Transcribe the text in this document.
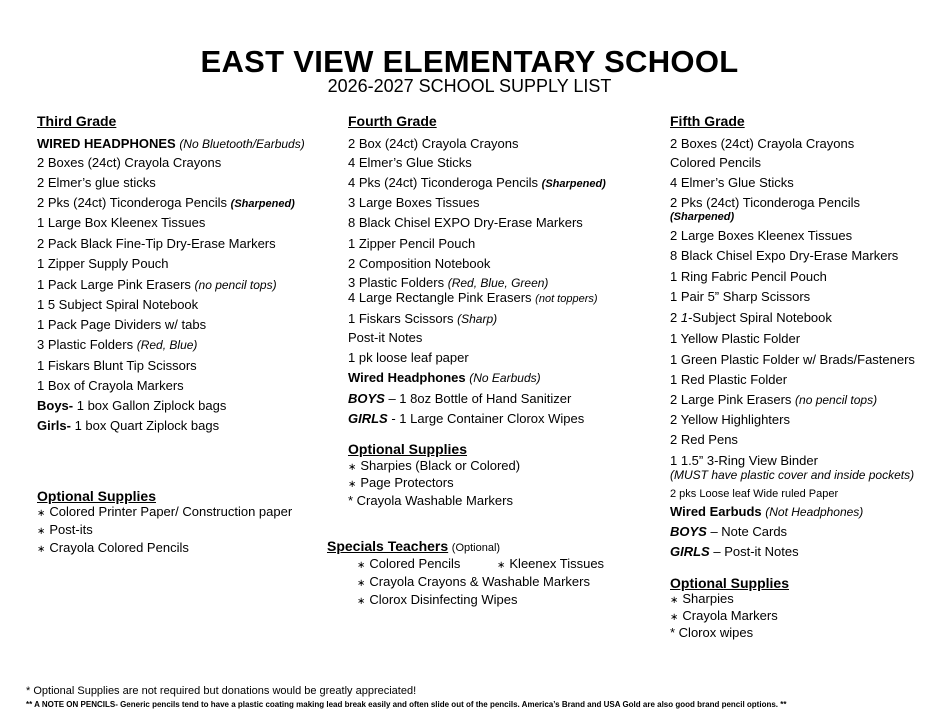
EAST VIEW ELEMENTARY SCHOOL
2026-2027 SCHOOL SUPPLY LIST
Third Grade
WIRED HEADPHONES (No Bluetooth/Earbuds)
2 Boxes (24ct) Crayola Crayons
2 Elmer’s glue sticks
2 Pks (24ct) Ticonderoga Pencils (Sharpened)
1 Large Box Kleenex Tissues
2 Pack Black Fine-Tip Dry-Erase Markers
1 Zipper Supply Pouch
1 Pack Large Pink Erasers (no pencil tops)
1 5 Subject Spiral Notebook
1 Pack Page Dividers w/ tabs
3 Plastic Folders (Red, Blue)
1 Fiskars Blunt Tip Scissors
1 Box of Crayola Markers
Boys- 1 box Gallon Ziplock bags
Girls- 1 box Quart Ziplock bags
Optional Supplies
∗ Colored Printer Paper/ Construction paper
∗ Post-its
∗ Crayola Colored Pencils
Fourth Grade
2 Box (24ct) Crayola Crayons
4 Elmer’s Glue Sticks
4 Pks (24ct) Ticonderoga Pencils (Sharpened)
3 Large Boxes Tissues
8 Black Chisel EXPO Dry-Erase Markers
1 Zipper Pencil Pouch
2 Composition Notebook
3 Plastic Folders (Red, Blue, Green)
4 Large Rectangle Pink Erasers (not toppers)
1 Fiskars Scissors (Sharp)
Post-it Notes
1 pk loose leaf paper
Wired Headphones (No Earbuds)
BOYS – 1 8oz Bottle of Hand Sanitizer
GIRLS - 1 Large Container Clorox Wipes
Optional Supplies
∗ Sharpies (Black or Colored)
∗ Page Protectors
* Crayola Washable Markers
Specials Teachers (Optional)
∗ Colored Pencils	∗ Kleenex Tissues
∗ Crayola Crayons & Washable Markers
∗ Clorox Disinfecting Wipes
Fifth Grade
2 Boxes (24ct) Crayola Crayons
Colored Pencils
4 Elmer’s Glue Sticks
2 Pks (24ct) Ticonderoga Pencils
(Sharpened)
2 Large Boxes Kleenex Tissues
8 Black Chisel Expo Dry-Erase Markers
1 Ring Fabric Pencil Pouch
1 Pair 5” Sharp Scissors
2 1-Subject Spiral Notebook
1 Yellow Plastic Folder
1 Green Plastic Folder w/ Brads/Fasteners
1 Red Plastic Folder
2 Large Pink Erasers (no pencil tops)
2 Yellow Highlighters
2 Red Pens
1 1.5” 3-Ring View Binder
(MUST have plastic cover and inside pockets)
2 pks Loose leaf Wide ruled Paper
Wired Earbuds (Not Headphones)
BOYS – Note Cards
GIRLS – Post-it Notes
Optional Supplies
∗ Sharpies
∗ Crayola Markers
* Clorox wipes
* Optional Supplies are not required but donations would be greatly appreciated!
** A NOTE ON PENCILS- Generic pencils tend to have a plastic coating making lead break easily and often slide out of the pencils. America’s Brand and USA Gold are also good brand pencil options. **
